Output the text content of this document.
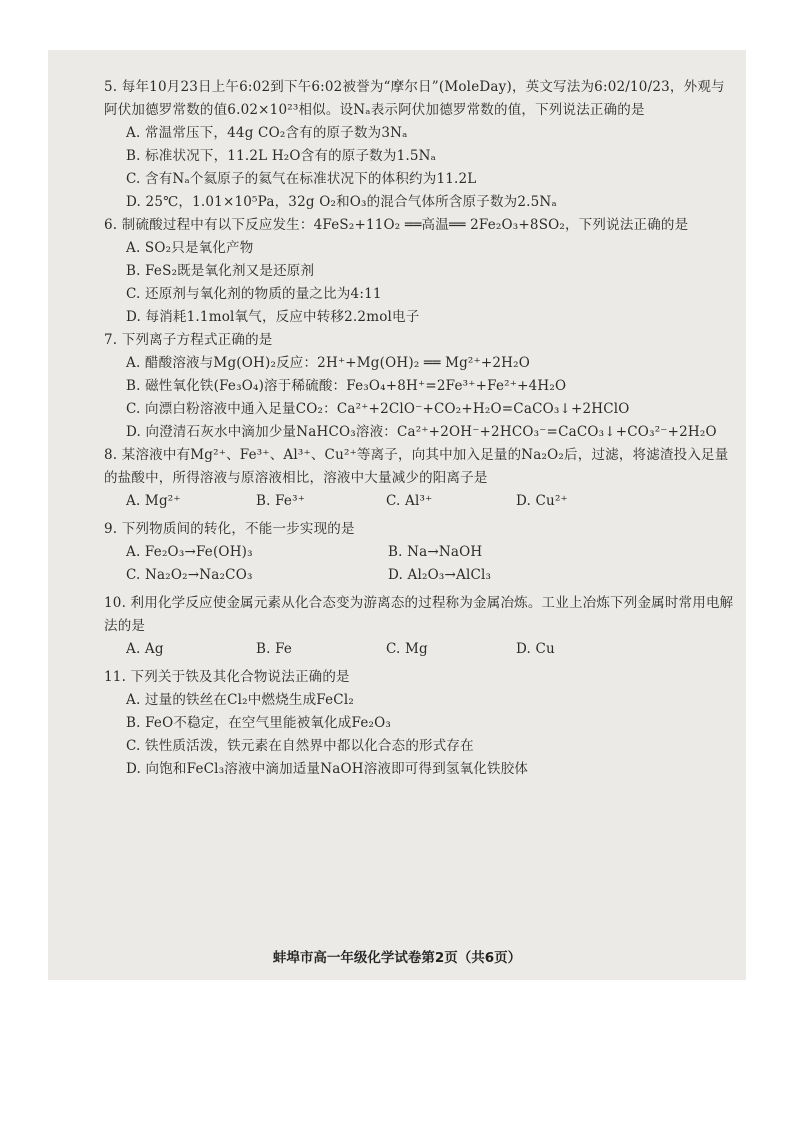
5. 每年10月23日上午6:02到下午6:02被誉为“摩尔日”(MoleDay)，英文写法为6:02/10/23，外观与阿伏加德罗常数的值6.02×10²³相似。设Nₐ表示阿伏加德罗常数的值，下列说法正确的是

A. 常温常压下，44g CO₂含有的原子数为3Nₐ

B. 标准状况下，11.2L H₂O含有的原子数为1.5Nₐ

C. 含有Nₐ个氦原子的氦气在标准状况下的体积约为11.2L

D. 25℃，1.01×10⁵Pa，32g O₂和O₃的混合气体所含原子数为2.5Nₐ

6. 制硫酸过程中有以下反应发生：4FeS₂+11O₂ ══高温══ 2Fe₂O₃+8SO₂，下列说法正确的是

A. SO₂只是氧化产物

B. FeS₂既是氧化剂又是还原剂

C. 还原剂与氧化剂的物质的量之比为4:11

D. 每消耗1.1mol氧气，反应中转移2.2mol电子

7. 下列离子方程式正确的是

A. 醋酸溶液与Mg(OH)₂反应：2H⁺+Mg(OH)₂ ══ Mg²⁺+2H₂O

B. 磁性氧化铁(Fe₃O₄)溶于稀硫酸：Fe₃O₄+8H⁺=2Fe³⁺+Fe²⁺+4H₂O

C. 向漂白粉溶液中通入足量CO₂：Ca²⁺+2ClO⁻+CO₂+H₂O=CaCO₃↓+2HClO

D. 向澄清石灰水中滴加少量NaHCO₃溶液：Ca²⁺+2OH⁻+2HCO₃⁻=CaCO₃↓+CO₃²⁻+2H₂O

8. 某溶液中有Mg²⁺、Fe³⁺、Al³⁺、Cu²⁺等离子，向其中加入足量的Na₂O₂后，过滤，将滤渣投入足量的盐酸中，所得溶液与原溶液相比，溶液中大量减少的阳离子是

A. Mg²⁺	B. Fe³⁺	C. Al³⁺	D. Cu²⁺

9. 下列物质间的转化，不能一步实现的是

A. Fe₂O₃→Fe(OH)₃	B. Na→NaOH

C. Na₂O₂→Na₂CO₃	D. Al₂O₃→AlCl₃

10. 利用化学反应使金属元素从化合态变为游离态的过程称为金属冶炼。工业上冶炼下列金属时常用电解法的是

A. Ag	B. Fe	C. Mg	D. Cu

11. 下列关于铁及其化合物说法正确的是

A. 过量的铁丝在Cl₂中燃烧生成FeCl₂

B. FeO不稳定，在空气里能被氧化成Fe₂O₃

C. 铁性质活泼，铁元素在自然界中都以化合态的形式存在

D. 向饱和FeCl₃溶液中滴加适量NaOH溶液即可得到氢氧化铁胶体

蚌埠市高一年级化学试卷第2页（共6页）
